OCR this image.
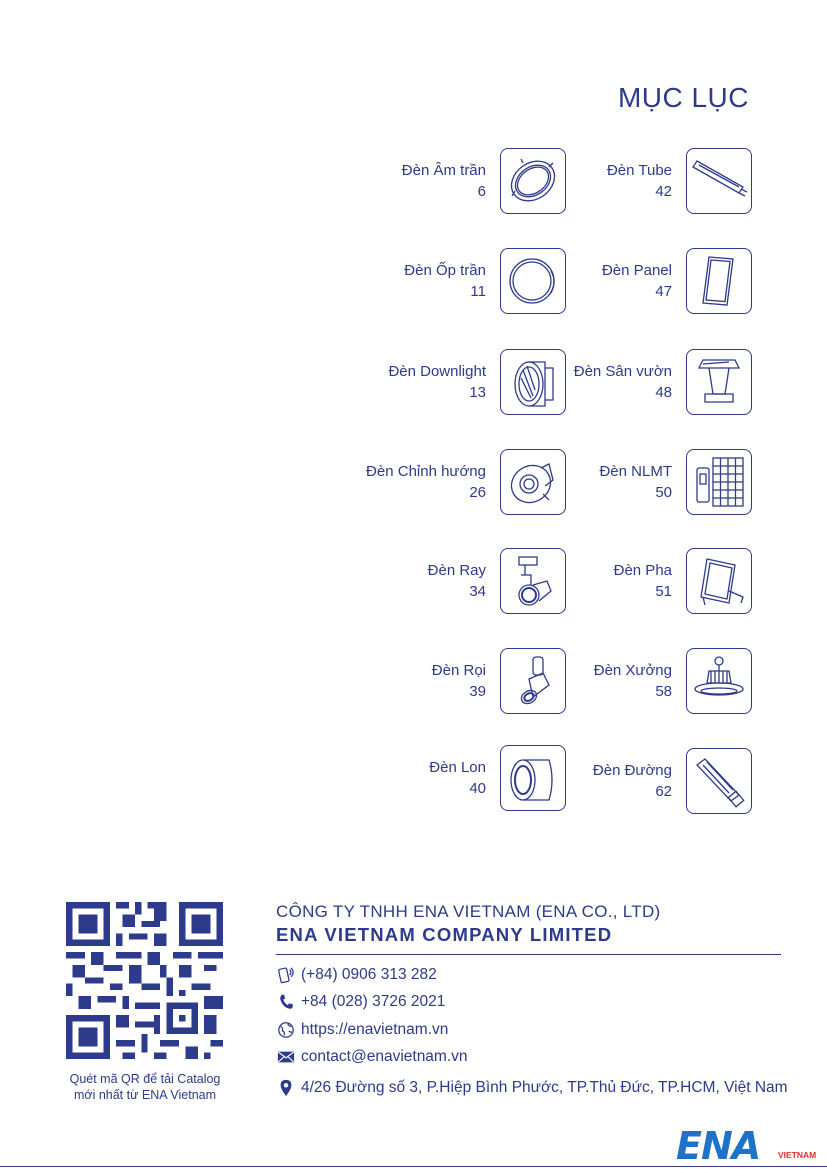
MỤC LỤC
Đèn Âm trần
6
Đèn Ốp trần
11
Đèn Downlight
13
Đèn Chỉnh hướng
26
Đèn Ray
34
Đèn Rọi
39
Đèn Lon
40
Đèn Tube
42
Đèn Panel
47
Đèn Sân vườn
48
Đèn NLMT
50
Đèn Pha
51
Đèn Xưởng
58
Đèn Đường
62
Quét mã QR để tải Catalog
mới nhất từ ENA Vietnam
CÔNG TY TNHH ENA VIETNAM (ENA CO., LTD)
ENA VIETNAM COMPANY LIMITED
(+84) 0906 313 282
+84 (028) 3726 2021
https://enavietnam.vn
contact@enavietnam.vn
4/26 Đường số 3, P.Hiệp Bình Phước, TP.Thủ Đức, TP.HCM, Việt Nam
ENA VIETNAM
